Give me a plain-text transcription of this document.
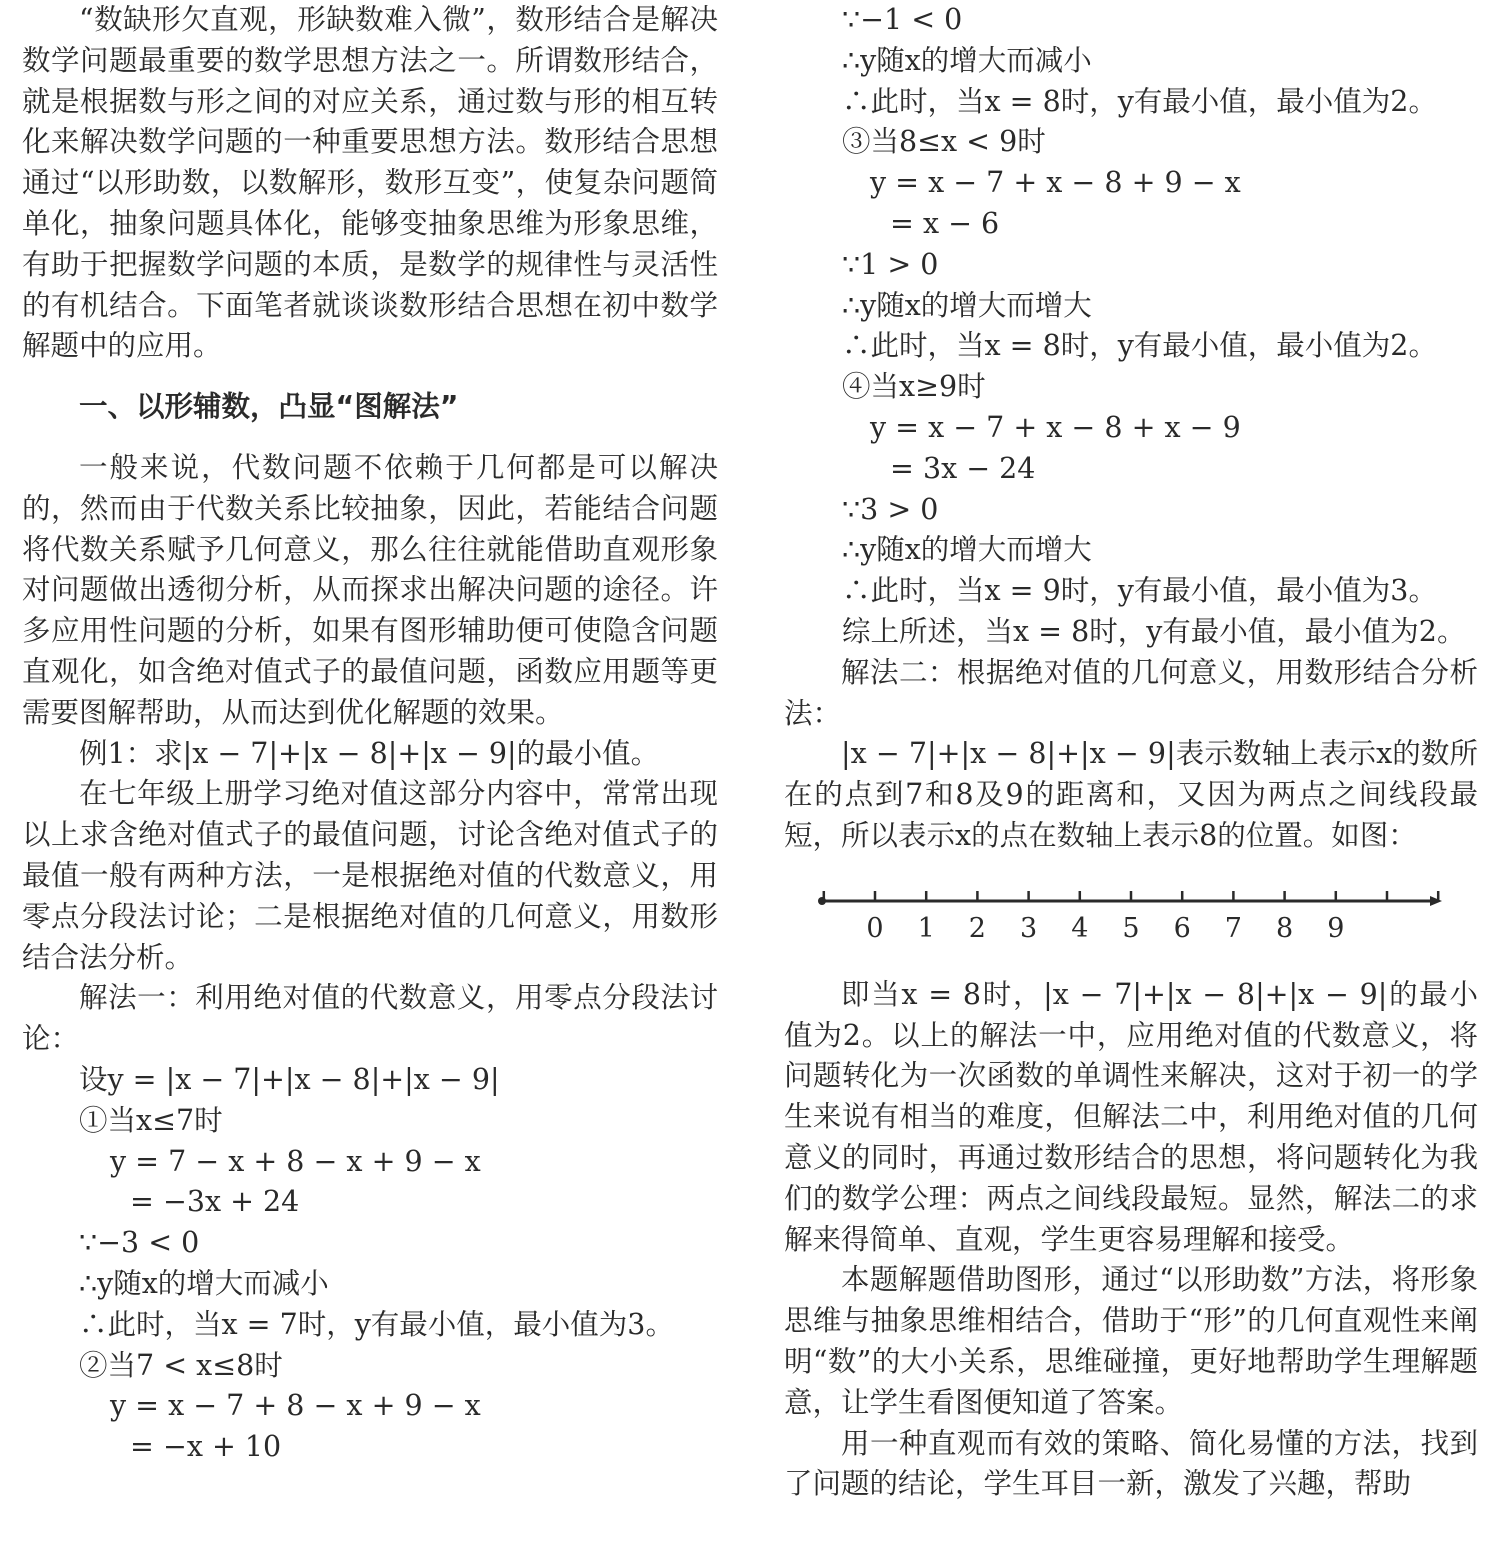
“数缺形欠直观，形缺数难入微”，数形结合是解决数学问题最重要的数学思想方法之一。所谓数形结合，就是根据数与形之间的对应关系，通过数与形的相互转化来解决数学问题的一种重要思想方法。数形结合思想通过“以形助数，以数解形，数形互变”，使复杂问题简单化，抽象问题具体化，能够变抽象思维为形象思维，有助于把握数学问题的本质，是数学的规律性与灵活性的有机结合。下面笔者就谈谈数形结合思想在初中数学解题中的应用。

一、以形辅数，凸显“图解法”

一般来说，代数问题不依赖于几何都是可以解决的，然而由于代数关系比较抽象，因此，若能结合问题将代数关系赋予几何意义，那么往往就能借助直观形象对问题做出透彻分析，从而探求出解决问题的途径。许多应用性问题的分析，如果有图形辅助便可使隐含问题直观化，如含绝对值式子的最值问题，函数应用题等更需要图解帮助，从而达到优化解题的效果。

例1：求|x − 7|+|x − 8|+|x − 9|的最小值。

在七年级上册学习绝对值这部分内容中，常常出现以上求含绝对值式子的最值问题，讨论含绝对值式子的最值一般有两种方法，一是根据绝对值的代数意义，用零点分段法讨论；二是根据绝对值的几何意义，用数形结合法分析。

解法一：利用绝对值的代数意义，用零点分段法讨论：

设y = |x − 7|+|x − 8|+|x − 9|

①当x≤7时

y = 7 − x + 8 − x + 9 − x

= −3x + 24

∵−3 < 0

∴y随x的增大而减小

∴此时，当x = 7时，y有最小值，最小值为3。

②当7 < x≤8时

y = x − 7 + 8 − x + 9 − x

= −x + 10

∵−1 < 0

∴y随x的增大而减小

∴此时，当x = 8时，y有最小值，最小值为2。

③当8≤x < 9时

y = x − 7 + x − 8 + 9 − x

= x − 6

∵1 > 0

∴y随x的增大而增大

∴此时，当x = 8时，y有最小值，最小值为2。

④当x≥9时

y = x − 7 + x − 8 + x − 9

= 3x − 24

∵3 > 0

∴y随x的增大而增大

∴此时，当x = 9时，y有最小值，最小值为3。

综上所述，当x = 8时，y有最小值，最小值为2。

解法二：根据绝对值的几何意义，用数形结合分析法：

|x − 7|+|x − 8|+|x − 9|表示数轴上表示x的数所在的点到7和8及9的距离和，又因为两点之间线段最短，所以表示x的点在数轴上表示8的位置。如图：

0 1 2 3 4 5 6 7 8 9

即当x = 8时，|x − 7|+|x − 8|+|x − 9|的最小值为2。以上的解法一中，应用绝对值的代数意义，将问题转化为一次函数的单调性来解决，这对于初一的学生来说有相当的难度，但解法二中，利用绝对值的几何意义的同时，再通过数形结合的思想，将问题转化为我们的数学公理：两点之间线段最短。显然，解法二的求解来得简单、直观，学生更容易理解和接受。

本题解题借助图形，通过“以形助数”方法，将形象思维与抽象思维相结合，借助于“形”的几何直观性来阐明“数”的大小关系，思维碰撞，更好地帮助学生理解题意，让学生看图便知道了答案。

用一种直观而有效的策略、简化易懂的方法，找到了问题的结论，学生耳目一新，激发了兴趣，帮助
